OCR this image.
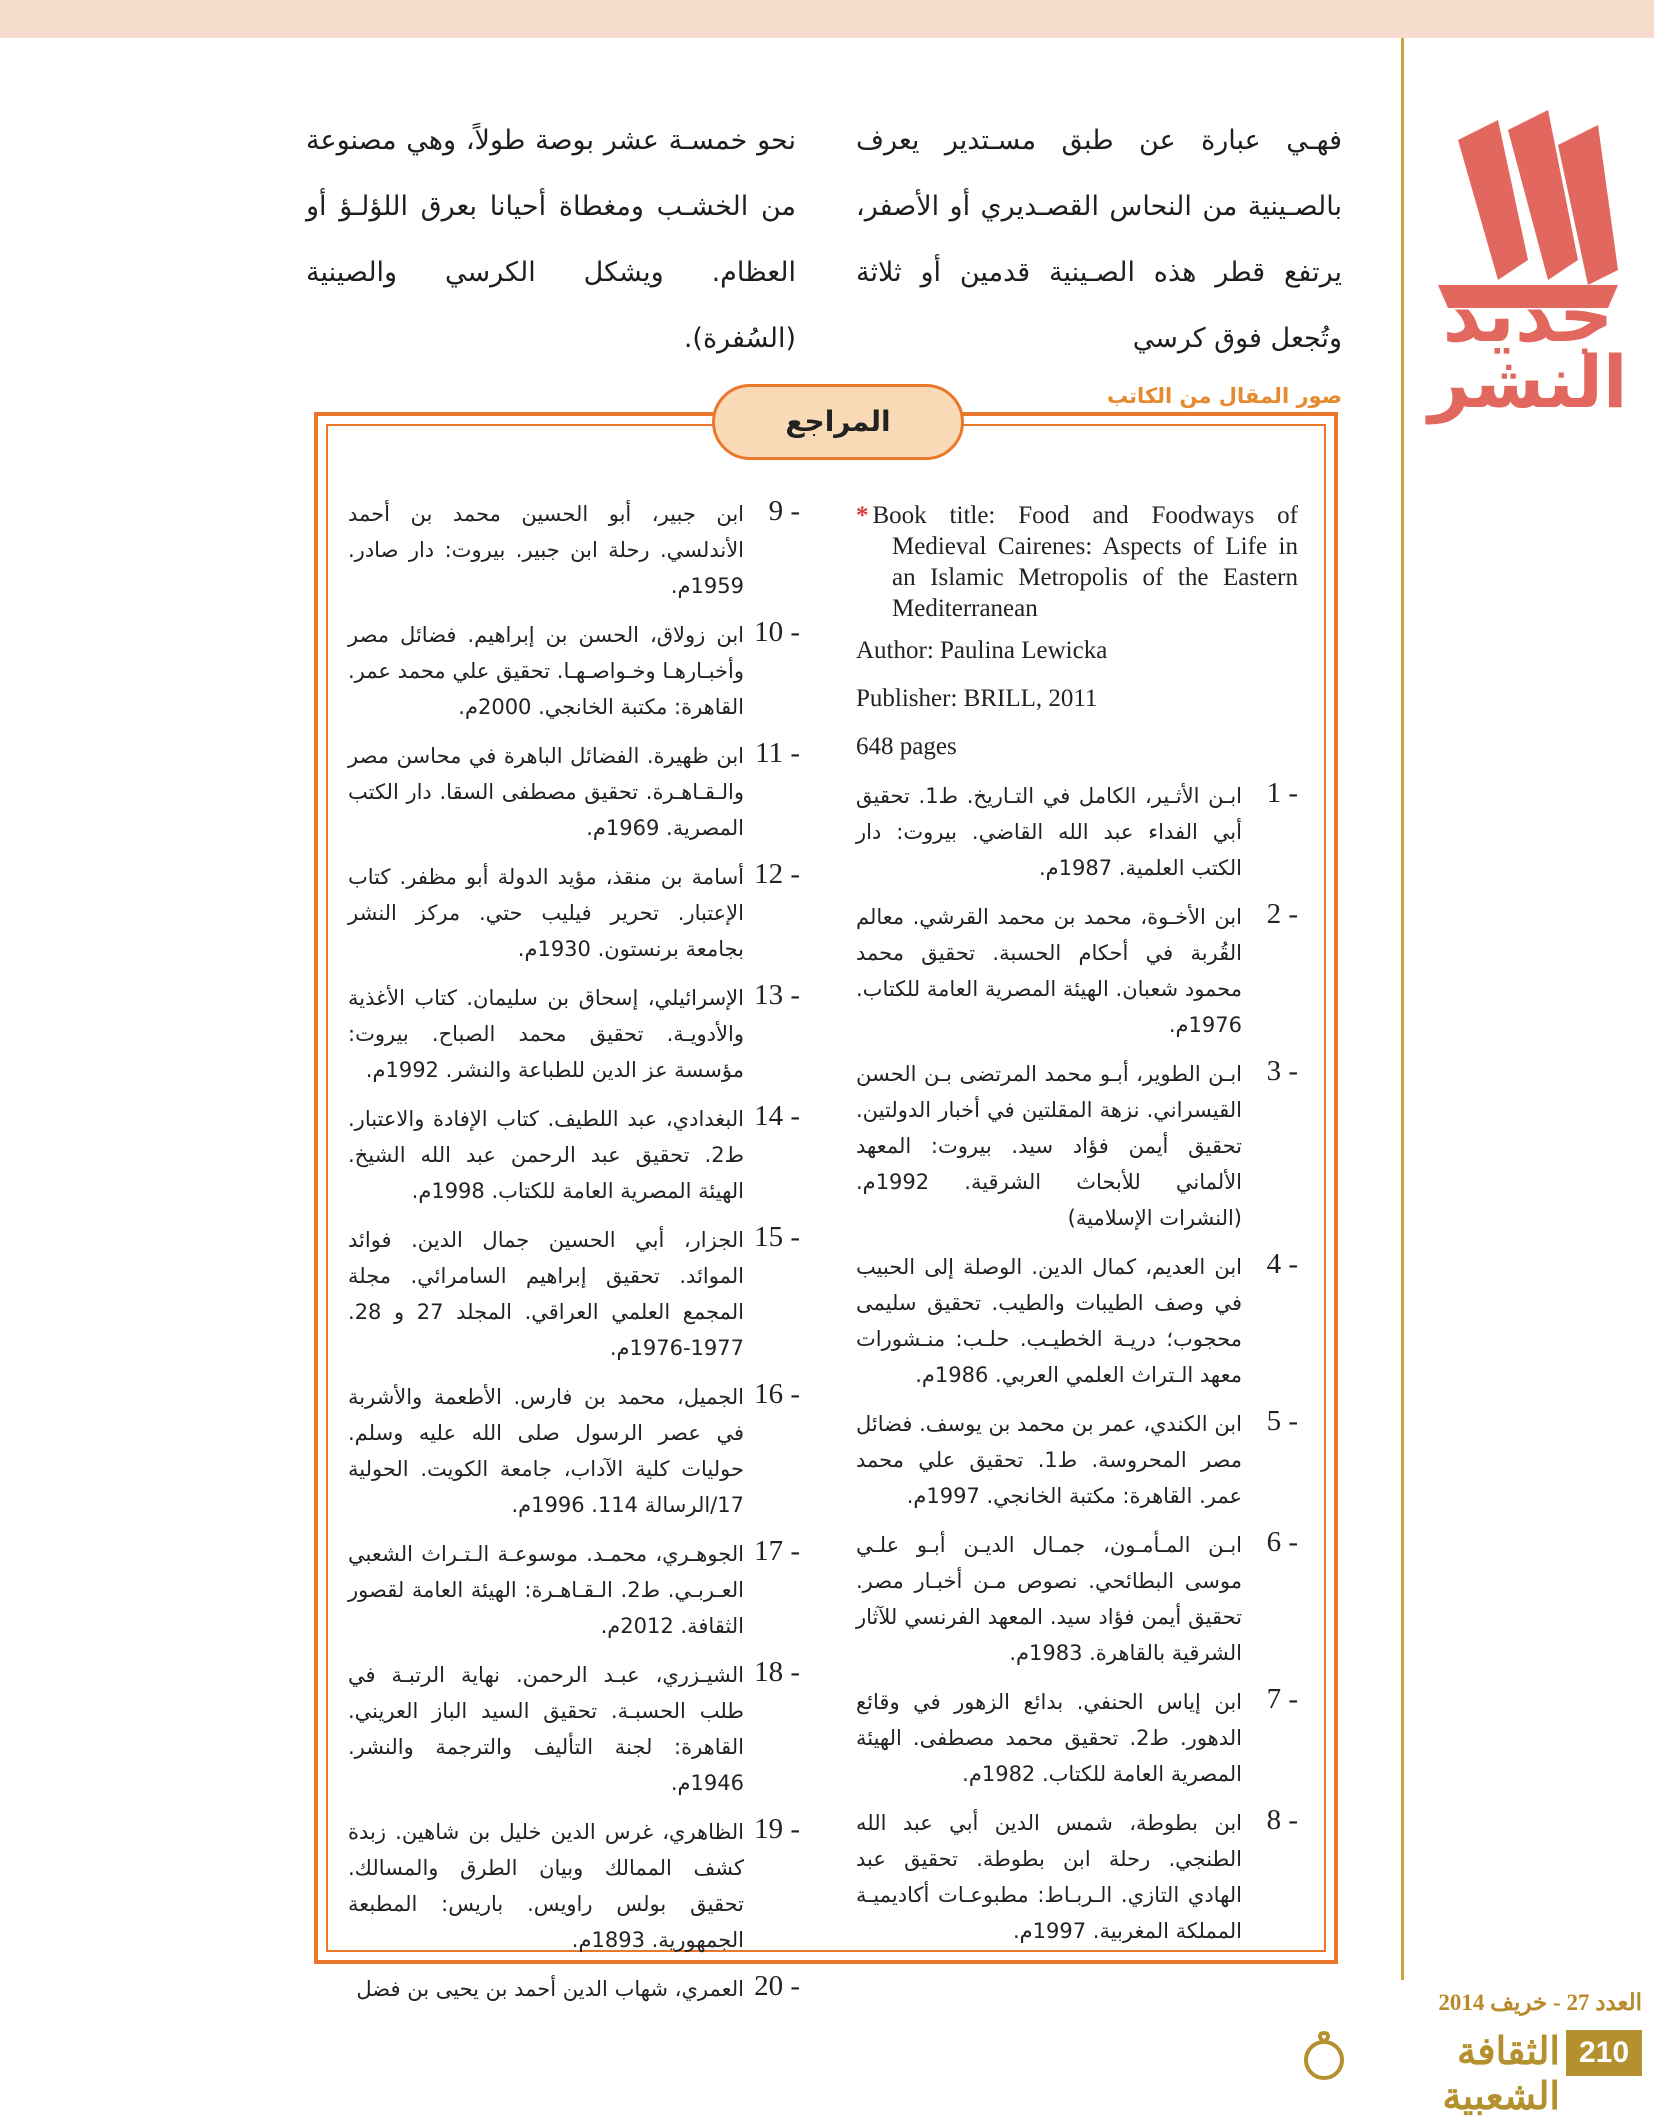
جديد
النشر

فهـي عبارة عن طبق مسـتدير يعرف بالصـينية من النحاس القصـديري أو الأصفر، يرتفع قطر هذه الصـينية قدمين أو ثلاثة وتُجعل فوق كرسي

نحو خمسـة عشر بوصة طولاً، وهي مصنوعة من الخشـب ومغطاة أحيانا بعرق اللؤلـؤ أو العظام. ويشكل الكرسي والصينية (السُفرة).

صور المقال من الكاتب
المراجع
* Book title: Food and Foodways of Medieval Cairenes: Aspects of Life in an Islamic Metropolis of the Eastern Mediterranean
Author: Paulina Lewicka
Publisher: BRILL, 2011
648 pages
1 -
ابـن الأثـير، الكامل في التـاريخ. ط1. تحقيق أبي الفداء عبد الله القاضي. بيروت: دار الكتب العلمية. 1987م.
2 -
ابن الأخـوة، محمد بن محمد القرشي. معالم القُربة في أحكام الحسبة. تحقيق محمد محمود شعبان. الهيئة المصرية العامة للكتاب. 1976م.
3 -
ابـن الطوير، أبـو محمد المرتضى بـن الحسن القيسراني. نزهة المقلتين في أخبار الدولتين. تحقيق أيمن فؤاد سيد. بيروت: المعهد الألماني للأبحاث الشرقية. 1992م. (النشرات الإسلامية)
4 -
ابن العديم، كمال الدين. الوصلة إلى الحبيب في وصف الطيبات والطيب. تحقيق سليمى محجوب؛ دريـة الخطيـب. حلـب: منـشورات معهد الـتراث العلمي العربي. 1986م.
5 -
ابن الكندي، عمر بن محمد بن يوسف. فضائل مصر المحروسة. ط1. تحقيق علي محمد عمر. القاهرة: مكتبة الخانجي. 1997م.
6 -
ابـن المـأمـون، جمـال الديـن أبـو علـي موسى البطائحي. نصوص مـن أخبـار مصر. تحقيق أيمن فؤاد سيد. المعهد الفرنسي للآثار الشرقية بالقاهرة. 1983م.
7 -
ابن إياس الحنفي. بدائع الزهور في وقائع الدهور. ط2. تحقيق محمد مصطفى. الهيئة المصرية العامة للكتاب. 1982م.
8 -
ابن بطوطة، شمس الدين أبي عبد الله الطنجي. رحلة ابن بطوطة. تحقيق عبد الهادي التازي. الـربـاط: مطبوعـات أكاديميـة المملكة المغربية. 1997م.
9 -
ابن جبير، أبو الحسين محمد بن أحمد الأندلسي. رحلة ابن جبير. بيروت: دار صادر. 1959م.
10 -
ابن زولاق، الحسن بن إبراهيم. فضائل مصر وأخبـارهـا وخـواصـهـا. تحقيق علي محمد عمر. القاهرة: مكتبة الخانجي. 2000م.
11 -
ابن ظهيرة. الفضائل الباهرة في محاسن مصر والـقـاهـرة. تحقيق مصطفى السقا. دار الكتب المصرية. 1969م.
12 -
أسامة بن منقذ، مؤيد الدولة أبو مظفر. كتاب الإعتبار. تحرير فيليب حتي. مركز النشر بجامعة برنستون. 1930م.
13 -
الإسرائيلي، إسحاق بن سليمان. كتاب الأغذية والأدويـة. تحقيق محمد الصباح. بيروت: مؤسسة عز الدين للطباعة والنشر. 1992م.
14 -
البغدادي، عبد اللطيف. كتاب الإفادة والاعتبار. ط2. تحقيق عبد الرحمن عبد الله الشيخ. الهيئة المصرية العامة للكتاب. 1998م.
15 -
الجزار، أبي الحسين جمال الدين. فوائد الموائد. تحقيق إبراهيم السامرائي. مجلة المجمع العلمي العراقي. المجلد 27 و 28. 1977-1976م.
16 -
الجميل، محمد بن فارس. الأطعمة والأشربة في عصر الرسول صلى الله عليه وسلم. حوليات كلية الآداب، جامعة الكويت. الحولية 17/الرسالة 114. 1996م.
17 -
الجوهـري، محمـد. موسوعـة الـتـراث الشعبي العـربـي. ط2. الـقـاهـرة: الهيئة العامة لقصور الثقافة. 2012م.
18 -
الشيـزري، عبـد الرحمن. نهاية الرتبـة في طلب الحسبـة. تحقيق السيد الباز العريني. القاهرة: لجنة التأليف والترجمة والنشر. 1946م.
19 -
الظاهري، غرس الدين خليل بن شاهين. زبدة كشف الممالك وبيان الطرق والمسالك. تحقيق بولس راويس. باريس: المطبعة الجمهورية. 1893م.
20 -
العمري، شهاب الدين أحمد بن يحيى بن فضل
العدد 27 - خريف 2014
الثقافة الشعبية
210
